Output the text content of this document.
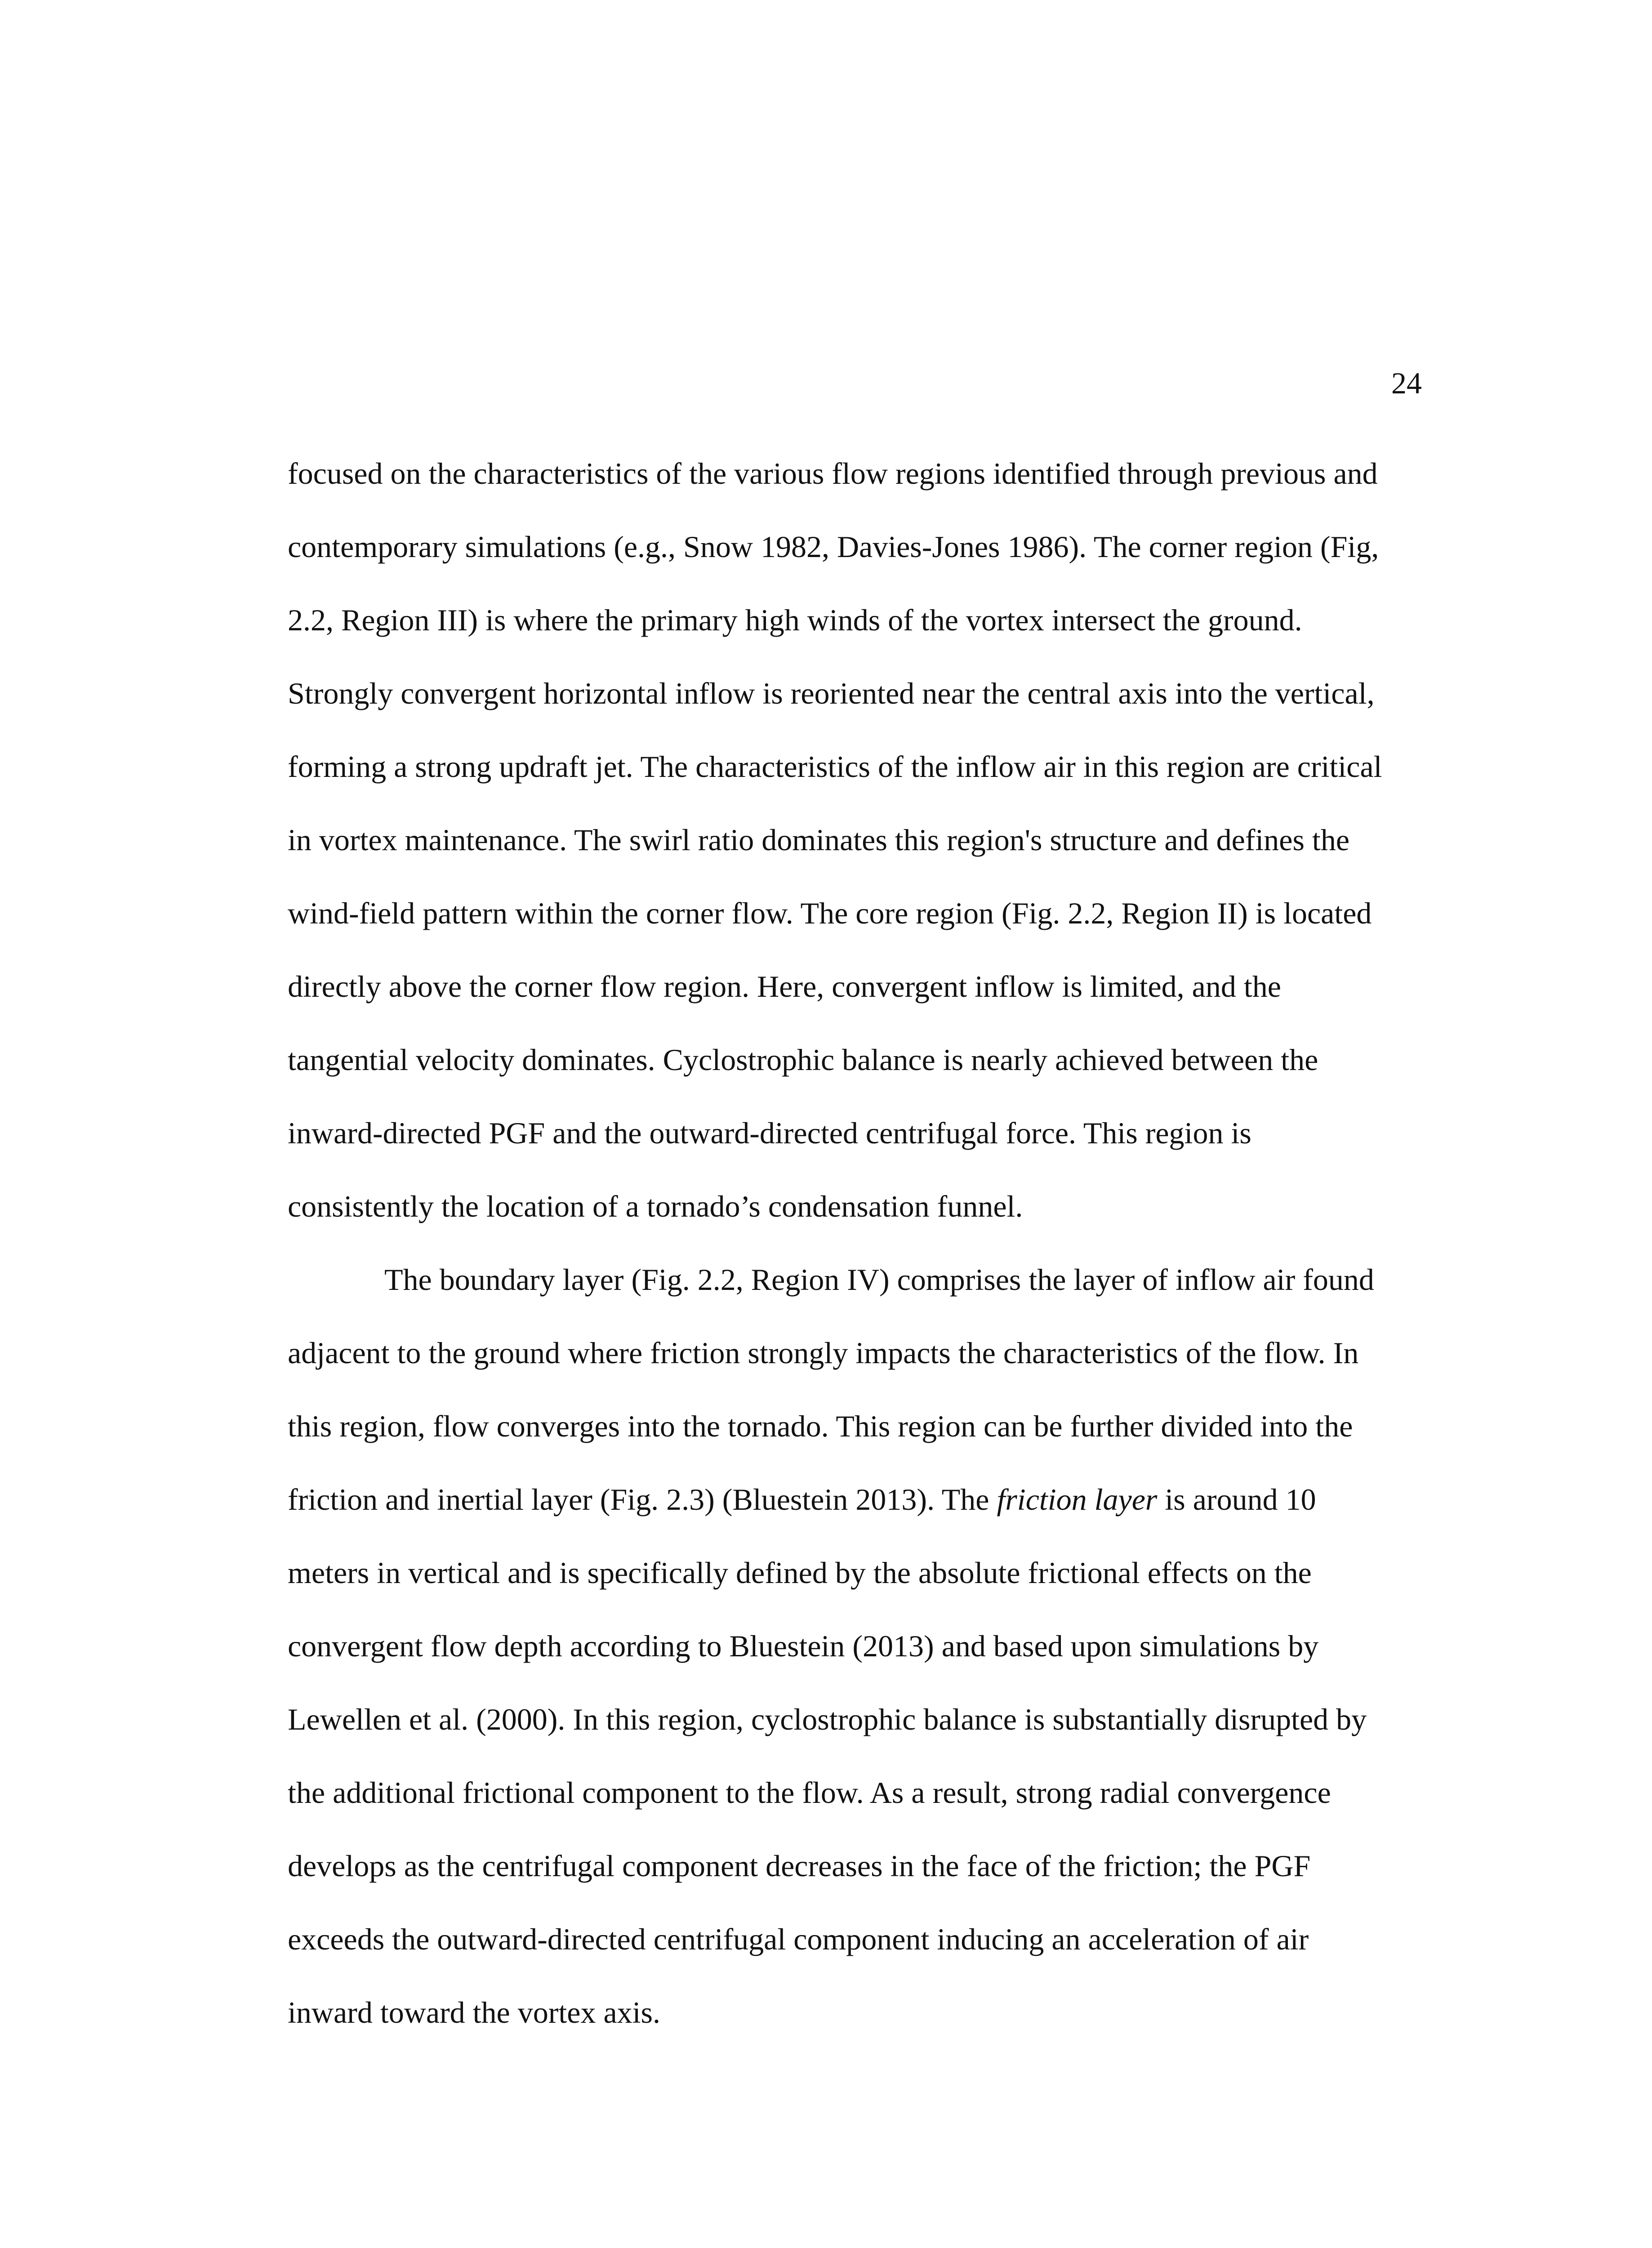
24
focused on the characteristics of the various flow regions identified through previous and
contemporary simulations (e.g., Snow 1982, Davies-Jones 1986). The corner region (Fig,
2.2, Region III) is where the primary high winds of the vortex intersect the ground.
Strongly convergent horizontal inflow is reoriented near the central axis into the vertical,
forming a strong updraft jet. The characteristics of the inflow air in this region are critical
in vortex maintenance. The swirl ratio dominates this region's structure and defines the
wind-field pattern within the corner flow. The core region (Fig. 2.2, Region II) is located
directly above the corner flow region. Here, convergent inflow is limited, and the
tangential velocity dominates. Cyclostrophic balance is nearly achieved between the
inward-directed PGF and the outward-directed centrifugal force. This region is
consistently the location of a tornado’s condensation funnel.
The boundary layer (Fig. 2.2, Region IV) comprises the layer of inflow air found
adjacent to the ground where friction strongly impacts the characteristics of the flow. In
this region, flow converges into the tornado. This region can be further divided into the
friction and inertial layer (Fig. 2.3) (Bluestein 2013). The friction layer is around 10
meters in vertical and is specifically defined by the absolute frictional effects on the
convergent flow depth according to Bluestein (2013) and based upon simulations by
Lewellen et al. (2000). In this region, cyclostrophic balance is substantially disrupted by
the additional frictional component to the flow. As a result, strong radial convergence
develops as the centrifugal component decreases in the face of the friction; the PGF
exceeds the outward-directed centrifugal component inducing an acceleration of air
inward toward the vortex axis.
